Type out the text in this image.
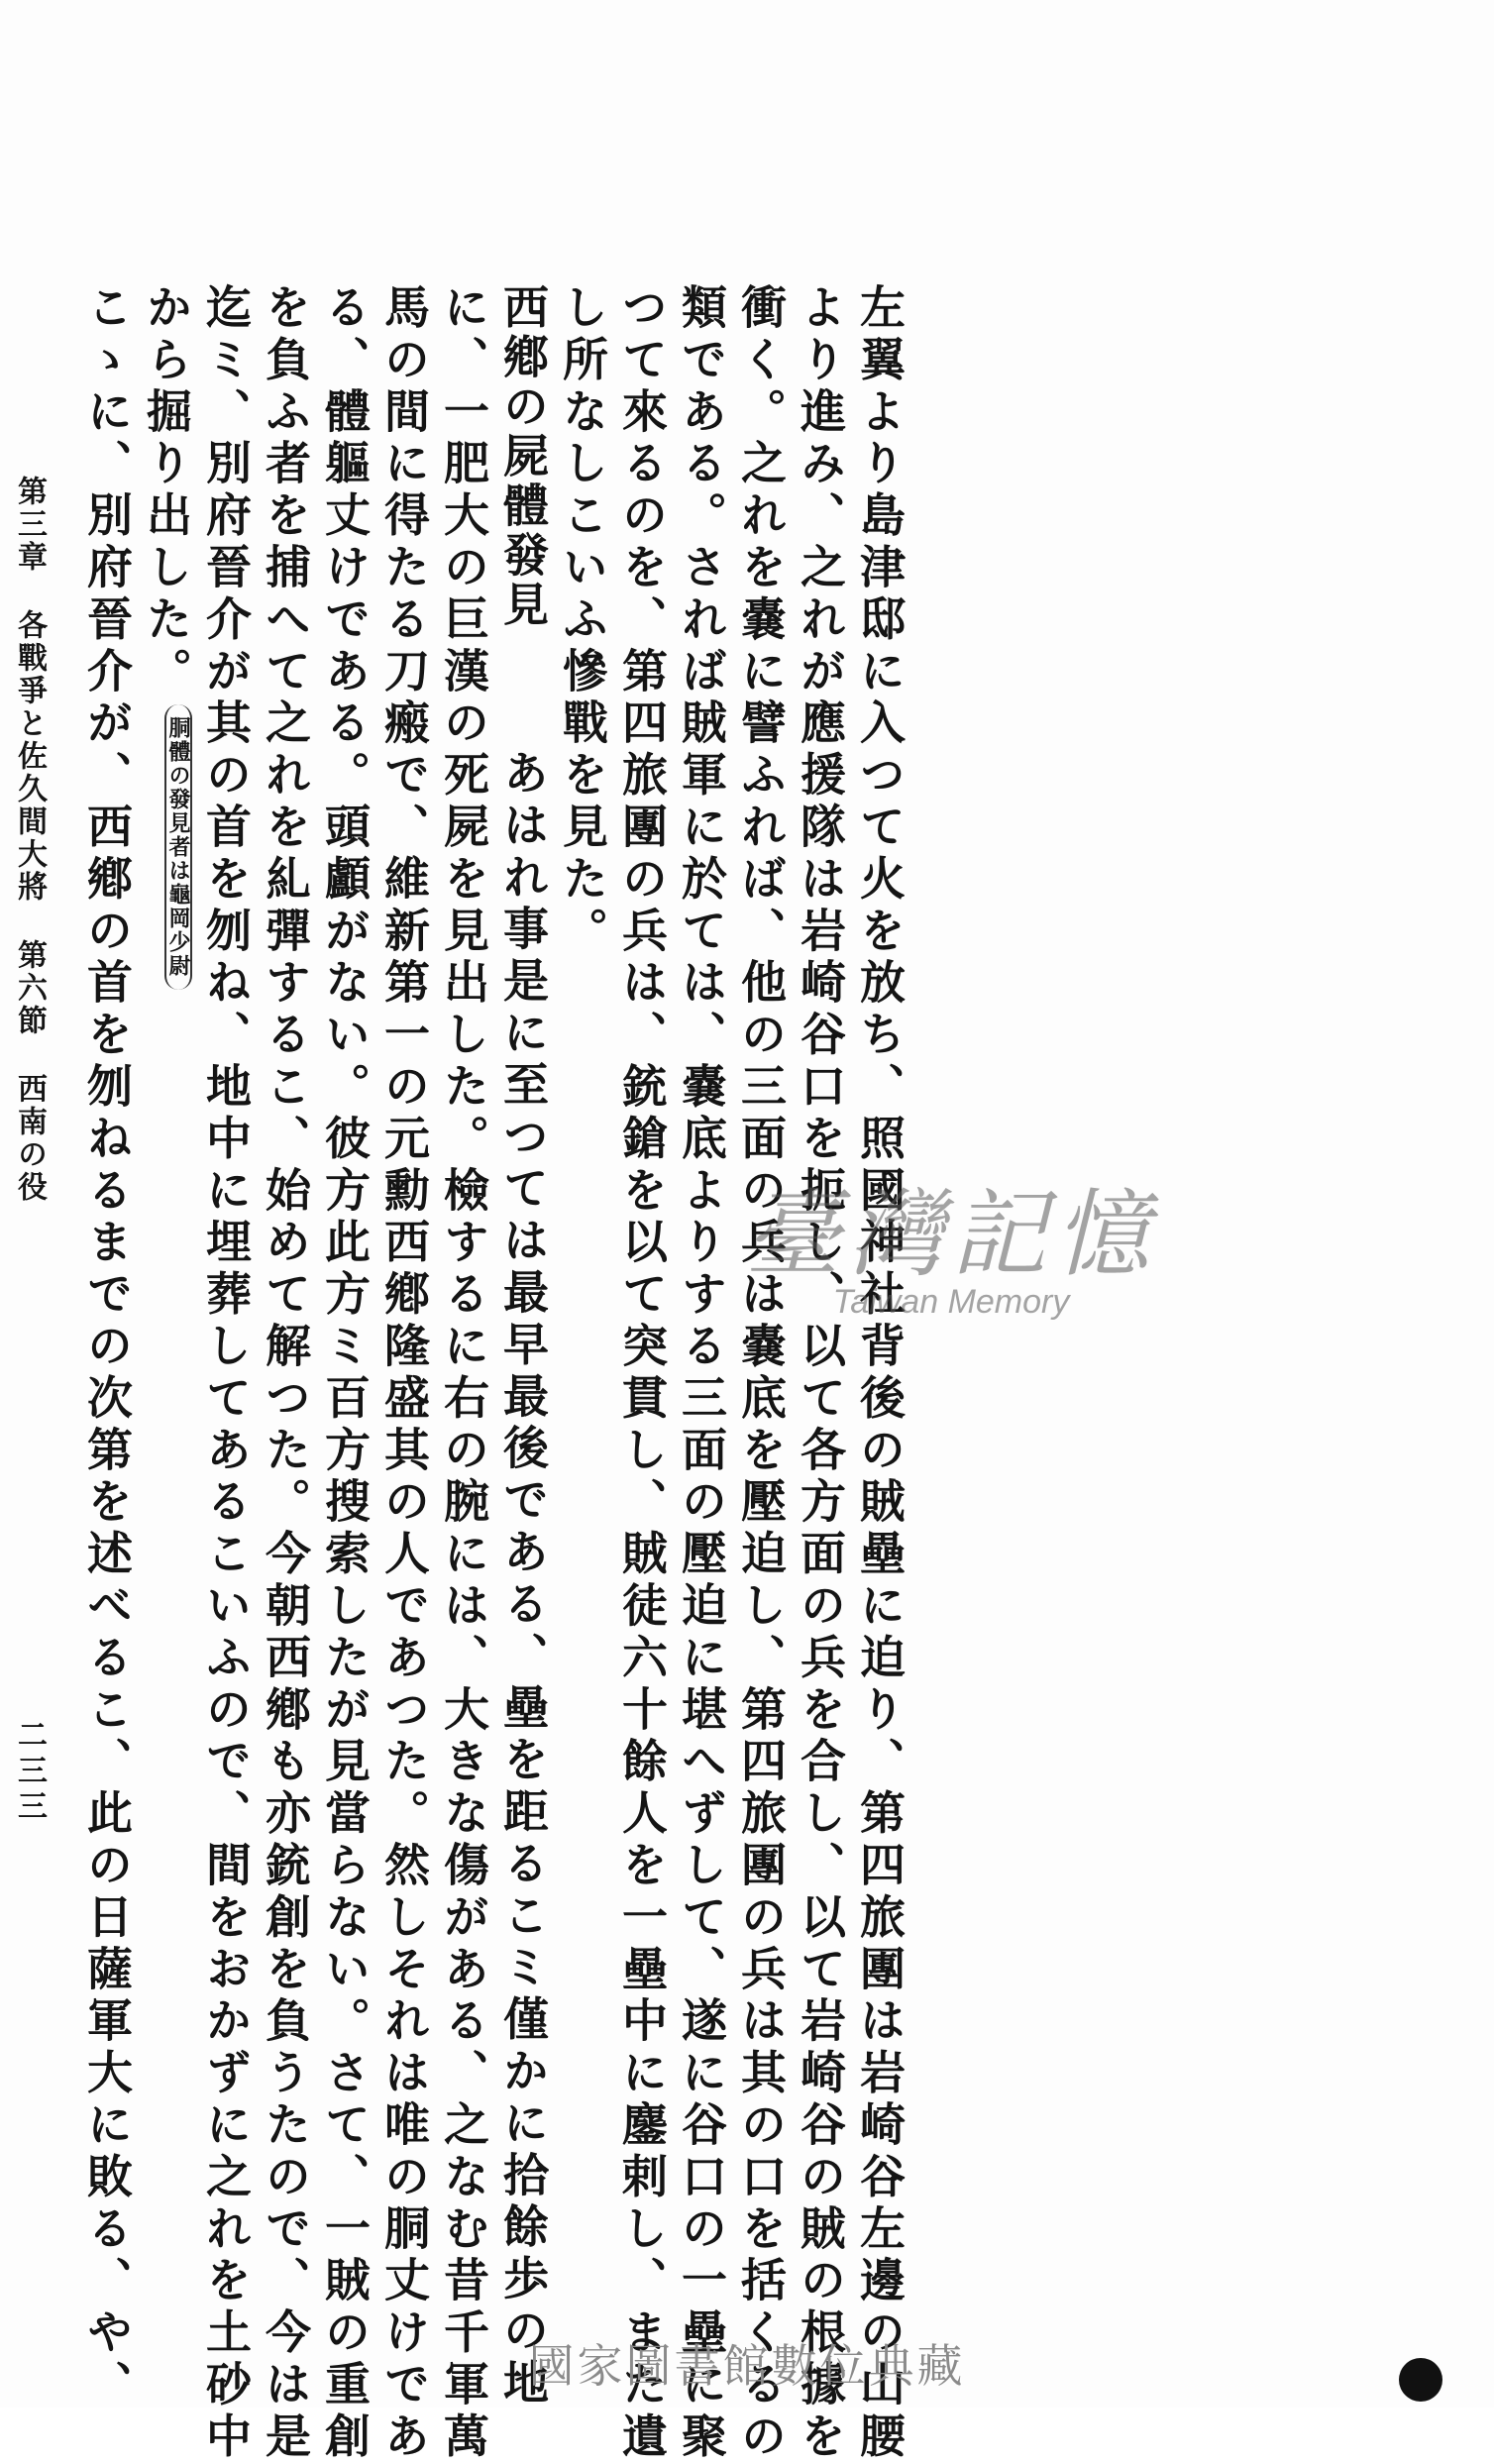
左翼より島津邸に入つて火を放ち、照國神社背後の賊壘に迫り、第四旅團は岩崎谷左邊の山腰
より進み、之れが應援隊は岩崎谷口を扼し、以て各方面の兵を合し、以て岩崎谷の賊の根據を
衝く。之れを嚢に譬ふれば、他の三面の兵は嚢底を壓迫し、第四旅團の兵は其の口を括くるの
類である。されば賊軍に於ては、嚢底よりする三面の壓迫に堪へずして、遂に谷口の一壘に聚
つて來るのを、第四旅團の兵は、銃鎗を以て突貫し、賊徒六十餘人を一壘中に鏖剌し、また遺
し所なしこいふ慘戰を見た。
西鄕の屍體發見あはれ事是に至つては最早最後である、壘を距るこミ僅かに拾餘歩の地
に、一肥大の巨漢の死屍を見出した。檢するに右の腕には、大きな傷がある、之なむ昔千軍萬
馬の間に得たる刀瘢で、維新第一の元勳西鄕隆盛其の人であつた。然しそれは唯の胴丈けであ
る、體軀丈けである。頭顱がない。彼方此方ミ百方搜索したが見當らない。さて、一賊の重創
を負ふ者を捕へて之れを糺彈するこ、始めて解つた。今朝西鄕も亦銃創を負うたので、今は是
迄ミ、別府晉介が其の首を刎ね、地中に埋葬してあるこいふので、間をおかずに之れを土砂中
から掘り出した。胴體の發見者は龜岡少尉
こゝに、別府晉介が、西鄕の首を刎ねるまでの次第を述べるこ、此の日薩軍大に敗る、や、
第三章各戰爭と佐久間大將第六節西南の役
二三三
臺灣記憶
Taiwan Memory
國家圖書館數位典藏
